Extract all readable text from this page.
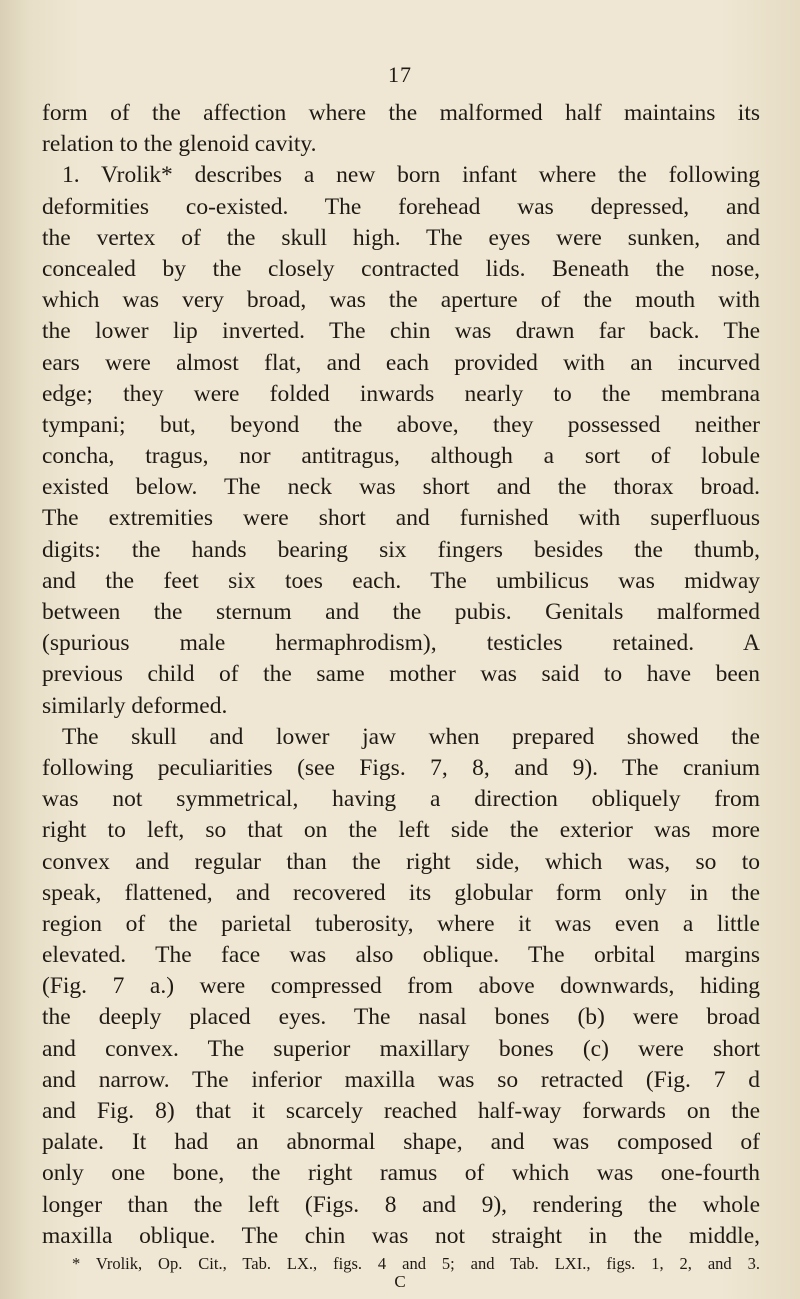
17
form of the affection where the malformed half maintains its
relation to the glenoid cavity.
1. Vrolik* describes a new born infant where the following
deformities co-existed. The forehead was depressed, and
the vertex of the skull high. The eyes were sunken, and
concealed by the closely contracted lids. Beneath the nose,
which was very broad, was the aperture of the mouth with
the lower lip inverted. The chin was drawn far back. The
ears were almost flat, and each provided with an incurved
edge; they were folded inwards nearly to the membrana
tympani; but, beyond the above, they possessed neither
concha, tragus, nor antitragus, although a sort of lobule
existed below. The neck was short and the thorax broad.
The extremities were short and furnished with superfluous
digits: the hands bearing six fingers besides the thumb,
and the feet six toes each. The umbilicus was midway
between the sternum and the pubis. Genitals malformed
(spurious male hermaphrodism), testicles retained. A
previous child of the same mother was said to have been
similarly deformed.
The skull and lower jaw when prepared showed the
following peculiarities (see Figs. 7, 8, and 9). The cranium
was not symmetrical, having a direction obliquely from
right to left, so that on the left side the exterior was more
convex and regular than the right side, which was, so to
speak, flattened, and recovered its globular form only in the
region of the parietal tuberosity, where it was even a little
elevated. The face was also oblique. The orbital margins
(Fig. 7 a.) were compressed from above downwards, hiding
the deeply placed eyes. The nasal bones (b) were broad
and convex. The superior maxillary bones (c) were short
and narrow. The inferior maxilla was so retracted (Fig. 7 d
and Fig. 8) that it scarcely reached half-way forwards on the
palate. It had an abnormal shape, and was composed of
only one bone, the right ramus of which was one-fourth
longer than the left (Figs. 8 and 9), rendering the whole
maxilla oblique. The chin was not straight in the middle,
* Vrolik, Op. Cit., Tab. LX., figs. 4 and 5; and Tab. LXI., figs. 1, 2, and 3.
C
